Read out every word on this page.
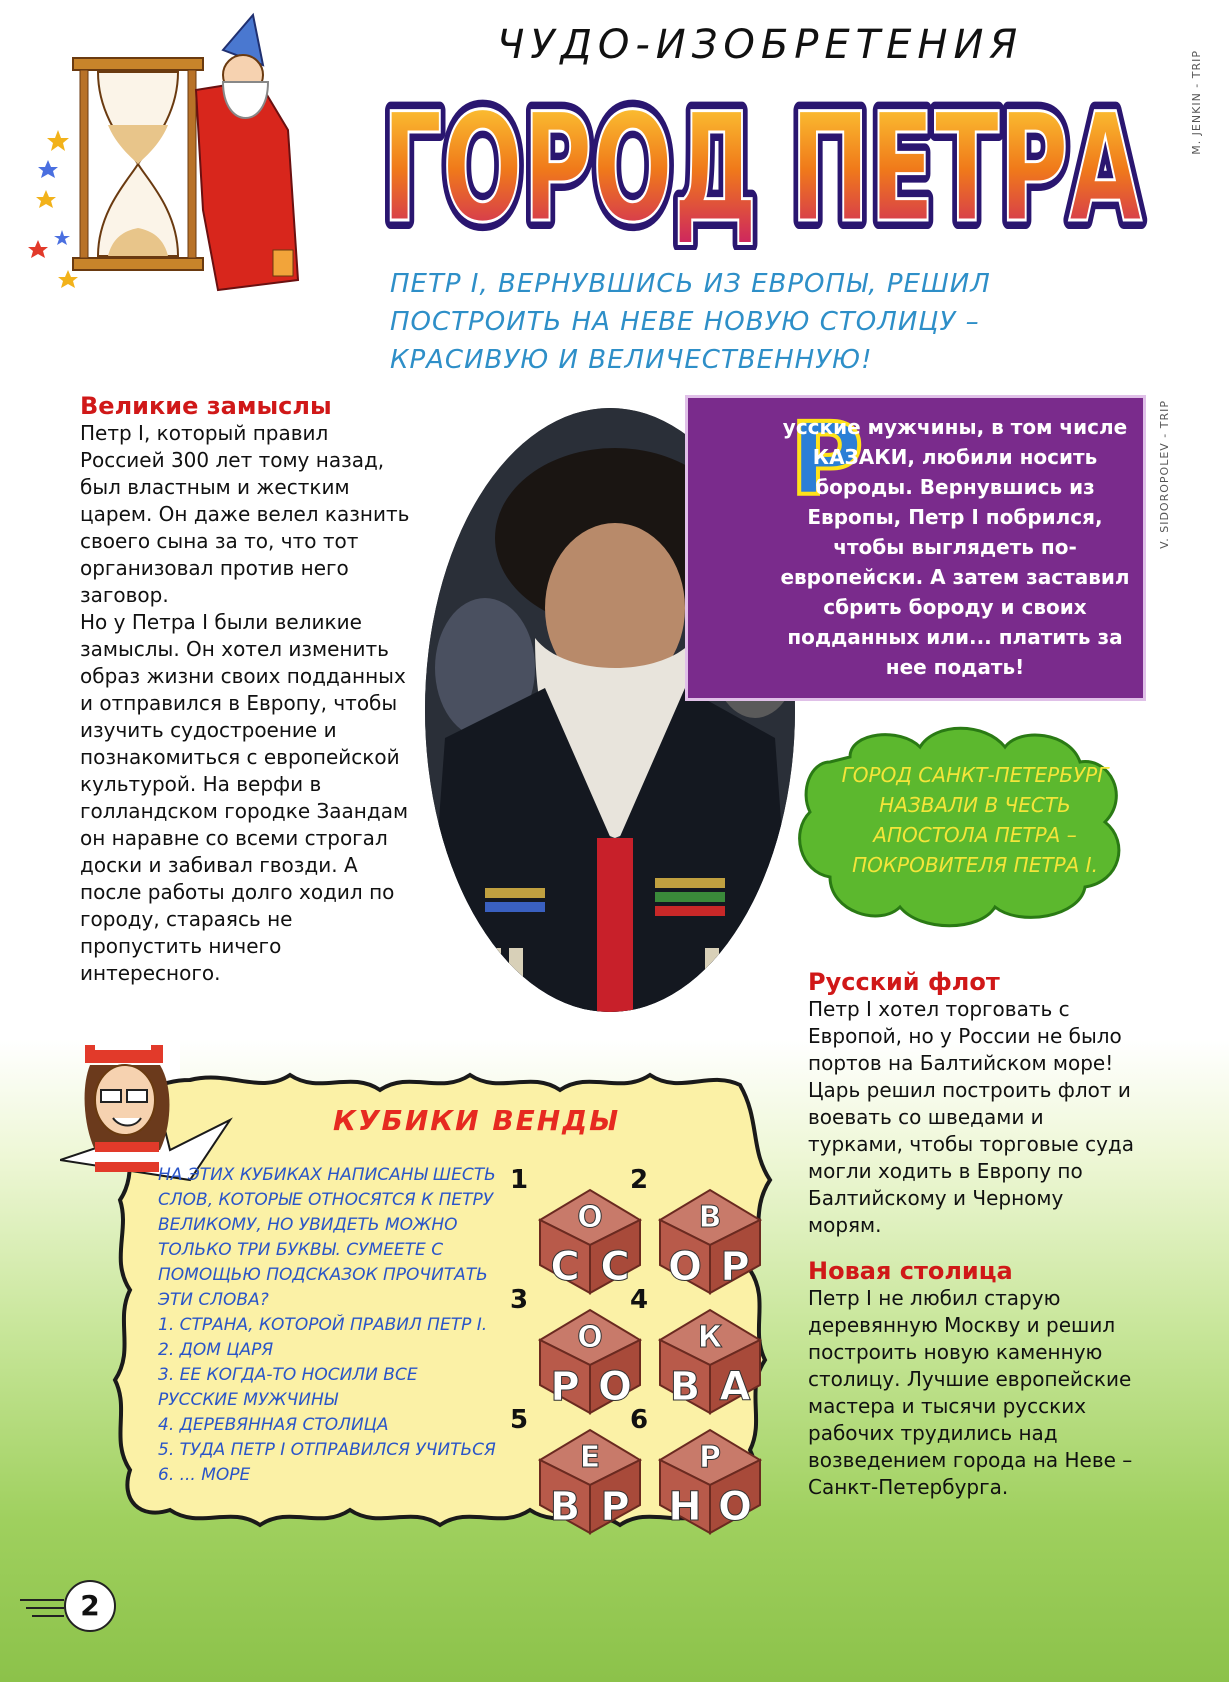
ЧУДО-ИЗОБРЕТЕНИЯ
ГОРОД ПЕТРА
ГОРОД ПЕТРА	M. JENKIN - TRIP
V. SIDOROPOLEV - TRIP
ПЕТР I, ВЕРНУВШИСЬ ИЗ ЕВРОПЫ, РЕШИЛ ПОСТРОИТЬ НА НЕВЕ НОВУЮ СТОЛИЦУ – КРАСИВУЮ И ВЕЛИЧЕСТВЕННУЮ!
Великие замыслы

Петр I, который правил Россией 300 лет тому назад, был властным и жестким царем. Он даже велел казнить своего сына за то, что тот организовал против него заговор.

Но у Петра I были великие замыслы. Он хотел изменить образ жизни своих подданных и отправился в Европу, чтобы изучить судостроение и познакомиться с европейской культурой. На верфи в голландском городке Заандам он наравне со всеми строгал доски и забивал гвозди. А после работы долго ходил по городу, стараясь не пропустить ничего интересного.

Р
усские мужчины, в том числе КАЗАКИ, любили носить бороды. Вернувшись из Европы, Петр I побрился, чтобы выглядеть по-европейски. А затем заставил сбрить бороду и своих подданных или... платить за нее подать!
ГОРОД САНКТ-ПЕТЕРБУРГ НАЗВАЛИ В ЧЕСТЬ АПОСТОЛА ПЕТРА – ПОКРОВИТЕЛЯ ПЕТРА I.
Русский флот

Петр I хотел торговать с Европой, но у России не было портов на Балтийском море! Царь решил построить флот и воевать со шведами и турками, чтобы торговые суда могли ходить в Европу по Балтийскому и Черному морям.

Новая столица

Петр I не любил старую деревянную Москву и решил построить новую каменную столицу. Лучшие европейские мастера и тысячи русских рабочих трудились над возведением города на Неве – Санкт-Петербурга.

КУБИКИ ВЕНДЫ
НА ЭТИХ КУБИКАХ НАПИСАНЫ ШЕСТЬ СЛОВ, КОТОРЫЕ ОТНОСЯТСЯ К ПЕТРУ ВЕЛИКОМУ, НО УВИДЕТЬ МОЖНО ТОЛЬКО ТРИ БУКВЫ. СУМЕЕТЕ С ПОМОЩЬЮ ПОДСКАЗОК ПРОЧИТАТЬ ЭТИ СЛОВА?
1. СТРАНА, КОТОРОЙ ПРАВИЛ ПЕТР I.
2. ДОМ ЦАРЯ
3. ЕЕ КОГДА-ТО НОСИЛИ ВСЕ РУССКИЕ МУЖЧИНЫ
4. ДЕРЕВЯННАЯ СТОЛИЦА
5. ТУДА ПЕТР I ОТПРАВИЛСЯ УЧИТЬСЯ
6. ... МОРЕ
1
О
С С
2
В
О Р
3
О
Р О
4
К
В А
5
Е
В Р
6
Р
Н О
2
